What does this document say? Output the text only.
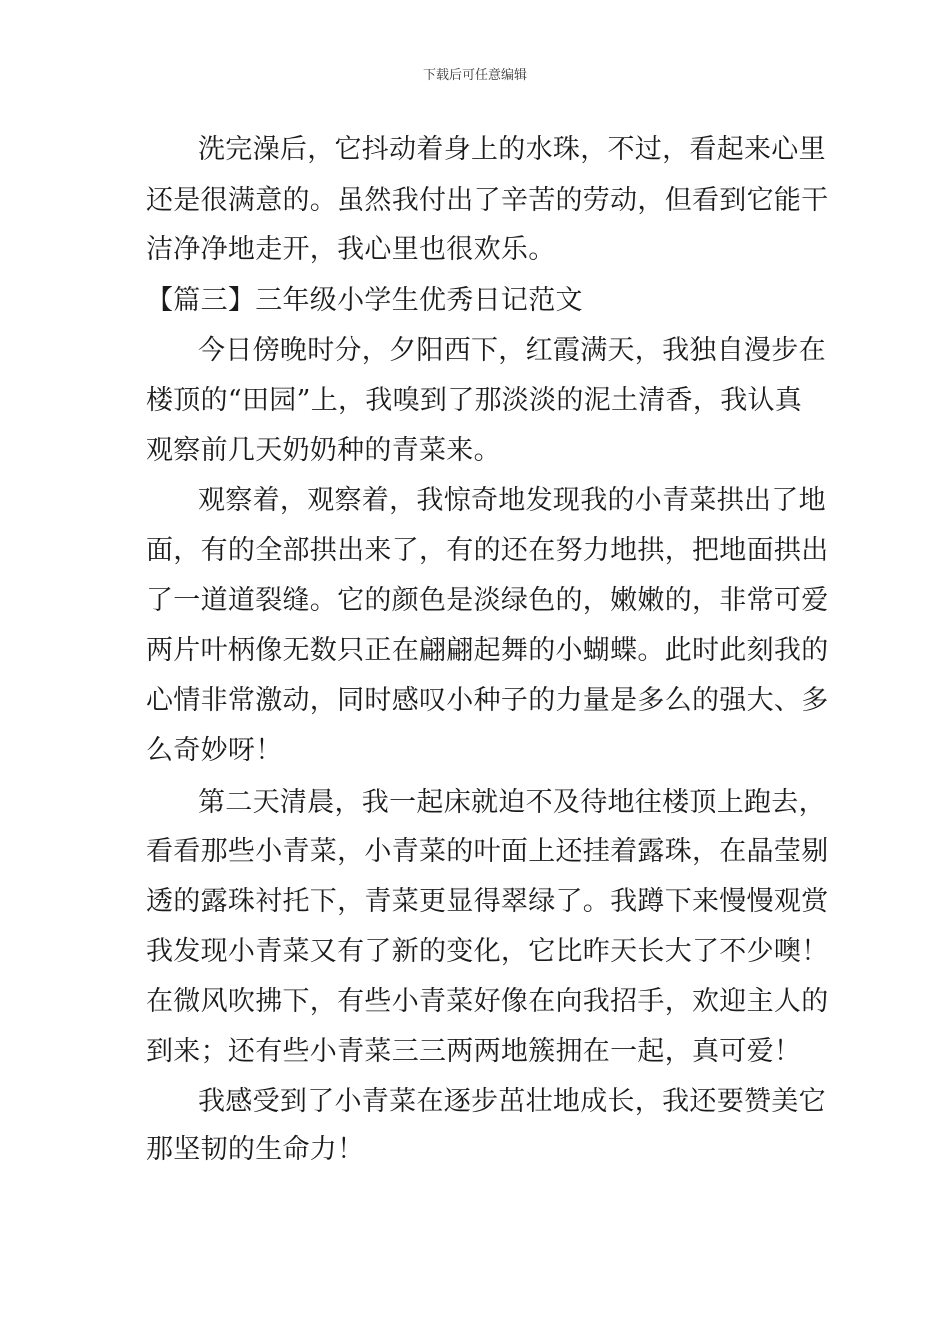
下载后可任意编辑
洗完澡后，它抖动着身上的水珠，不过，看起来心里
还是很满意的。虽然我付出了辛苦的劳动，但看到它能干
洁净净地走开，我心里也很欢乐。
【篇三】三年级小学生优秀日记范文
今日傍晚时分，夕阳西下，红霞满天，我独自漫步在
楼顶的“田园”上，我嗅到了那淡淡的泥土清香，我认真
观察前几天奶奶种的青菜来。
观察着，观察着，我惊奇地发现我的小青菜拱出了地
面，有的全部拱出来了，有的还在努力地拱，把地面拱出
了一道道裂缝。它的颜色是淡绿色的，嫩嫩的，非常可爱
两片叶柄像无数只正在翩翩起舞的小蝴蝶。此时此刻我的
心情非常激动，同时感叹小种子的力量是多么的强大、多
么奇妙呀！
第二天清晨，我一起床就迫不及待地往楼顶上跑去，
看看那些小青菜，小青菜的叶面上还挂着露珠，在晶莹剔
透的露珠衬托下，青菜更显得翠绿了。我蹲下来慢慢观赏
我发现小青菜又有了新的变化，它比昨天长大了不少噢！
在微风吹拂下，有些小青菜好像在向我招手，欢迎主人的
到来；还有些小青菜三三两两地簇拥在一起，真可爱！
我感受到了小青菜在逐步茁壮地成长，我还要赞美它
那坚韧的生命力！
